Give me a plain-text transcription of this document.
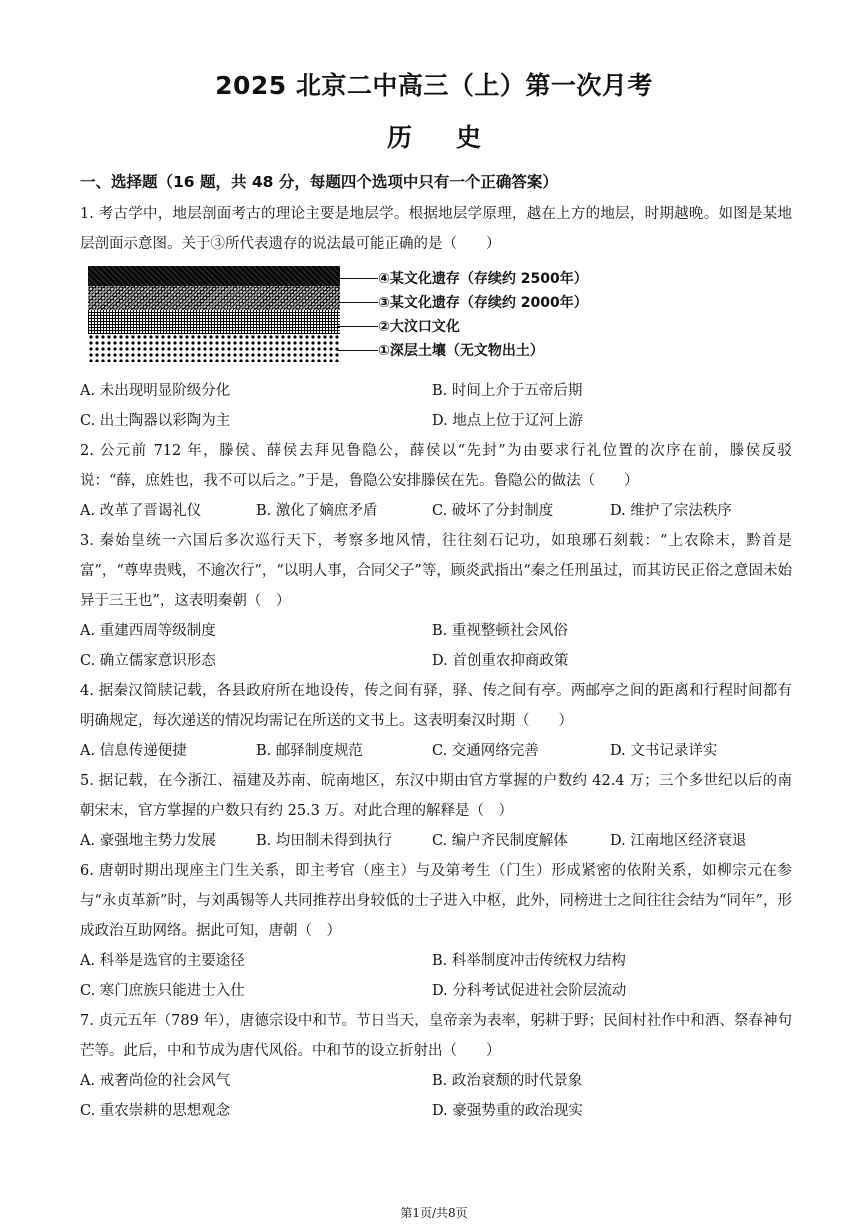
2025 北京二中高三（上）第一次月考
历史
一、选择题（16 题，共 48 分，每题四个选项中只有一个正确答案）
1. 考古学中，地层剖面考古的理论主要是地层学。根据地层学原理，越在上方的地层，时期越晚。如图是某地层剖面示意图。关于③所代表遗存的说法最可能正确的是（　　）
④某文化遗存（存续约 2500年）
③某文化遗存（存续约 2000年）
②大汶口文化
①深层土壤（无文物出土）
A. 未出现明显阶级分化	B. 时间上介于五帝后期
C. 出土陶器以彩陶为主	D. 地点上位于辽河上游
2. 公元前 712 年，滕侯、薛侯去拜见鲁隐公，薛侯以“先封”为由要求行礼位置的次序在前，滕侯反驳说：“薛，庶姓也，我不可以后之。”于是，鲁隐公安排滕侯在先。鲁隐公的做法（　　）
A. 改革了晋谒礼仪	B. 激化了嫡庶矛盾	C. 破坏了分封制度	D. 维护了宗法秩序
3. 秦始皇统一六国后多次巡行天下，考察多地风情，往往刻石记功，如琅琊石刻载：“上农除末，黔首是富”，“尊卑贵贱，不逾次行”，“以明人事，合同父子”等，顾炎武指出“秦之任刑虽过，而其访民正俗之意固未始异于三王也”，这表明秦朝（　）
A. 重建西周等级制度	B. 重视整顿社会风俗
C. 确立儒家意识形态	D. 首创重农抑商政策
4. 据秦汉简牍记载，各县政府所在地设传，传之间有驿，驿、传之间有亭。两邮亭之间的距离和行程时间都有明确规定，每次递送的情况均需记在所送的文书上。这表明秦汉时期（　　）
A. 信息传递便捷	B. 邮驿制度规范	C. 交通网络完善	D. 文书记录详实
5. 据记载，在今浙江、福建及苏南、皖南地区，东汉中期由官方掌握的户数约 42.4 万；三个多世纪以后的南朝宋末，官方掌握的户数只有约 25.3 万。对此合理的解释是（　）
A. 豪强地主势力发展	B. 均田制未得到执行	C. 编户齐民制度解体	D. 江南地区经济衰退
6. 唐朝时期出现座主门生关系，即主考官（座主）与及第考生（门生）形成紧密的依附关系，如柳宗元在参与“永贞革新”时，与刘禹锡等人共同推荐出身较低的士子进入中枢，此外，同榜进士之间往往会结为“同年”，形成政治互助网络。据此可知，唐朝（　）
A. 科举是选官的主要途径	B. 科举制度冲击传统权力结构
C. 寒门庶族只能进士入仕	D. 分科考试促进社会阶层流动
7. 贞元五年（789 年），唐德宗设中和节。节日当天，皇帝亲为表率，躬耕于野；民间村社作中和酒、祭春神句芒等。此后，中和节成为唐代风俗。中和节的设立折射出（　　）
A. 戒奢尚俭的社会风气	B. 政治衰颓的时代景象
C. 重农崇耕的思想观念	D. 豪强势重的政治现实
第1页/共8页
